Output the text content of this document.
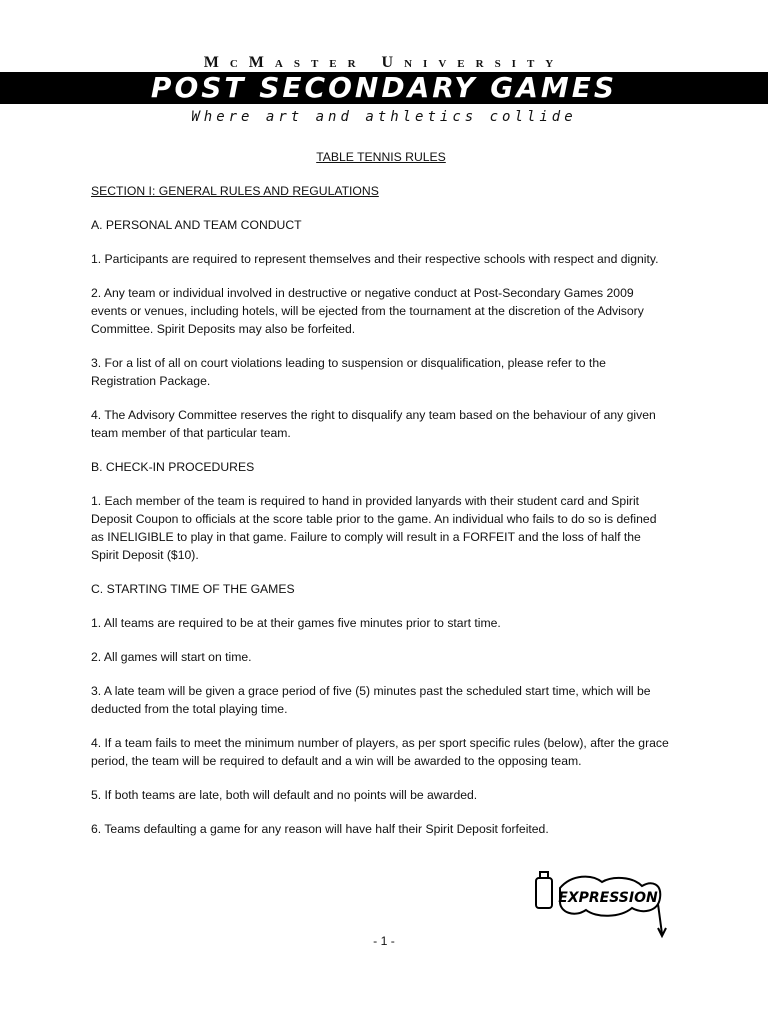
McMaster University
POST SECONDARY GAMES
Where art and athletics collide
TABLE TENNIS RULES
SECTION I: GENERAL RULES AND REGULATIONS
A. PERSONAL AND TEAM CONDUCT
1. Participants are required to represent themselves and their respective schools with respect and dignity.
2. Any team or individual involved in destructive or negative conduct at Post-Secondary Games 2009 events or venues, including hotels, will be ejected from the tournament at the discretion of the Advisory Committee. Spirit Deposits may also be forfeited.
3. For a list of all on court violations leading to suspension or disqualification, please refer to the Registration Package.
4. The Advisory Committee reserves the right to disqualify any team based on the behaviour of any given team member of that particular team.
B. CHECK-IN PROCEDURES
1. Each member of the team is required to hand in provided lanyards with their student card and Spirit Deposit Coupon to officials at the score table prior to the game. An individual who fails to do so is defined as INELIGIBLE to play in that game. Failure to comply will result in a FORFEIT and the loss of half the Spirit Deposit ($10).
C. STARTING TIME OF THE GAMES
1. All teams are required to be at their games five minutes prior to start time.
2. All games will start on time.
3. A late team will be given a grace period of five (5) minutes past the scheduled start time, which will be deducted from the total playing time.
4. If a team fails to meet the minimum number of players, as per sport specific rules (below), after the grace period, the team will be required to default and a win will be awarded to the opposing team.
5. If both teams are late, both will default and no points will be awarded.
6. Teams defaulting a game for any reason will have half their Spirit Deposit forfeited.
EXPRESSION
- 1 -
